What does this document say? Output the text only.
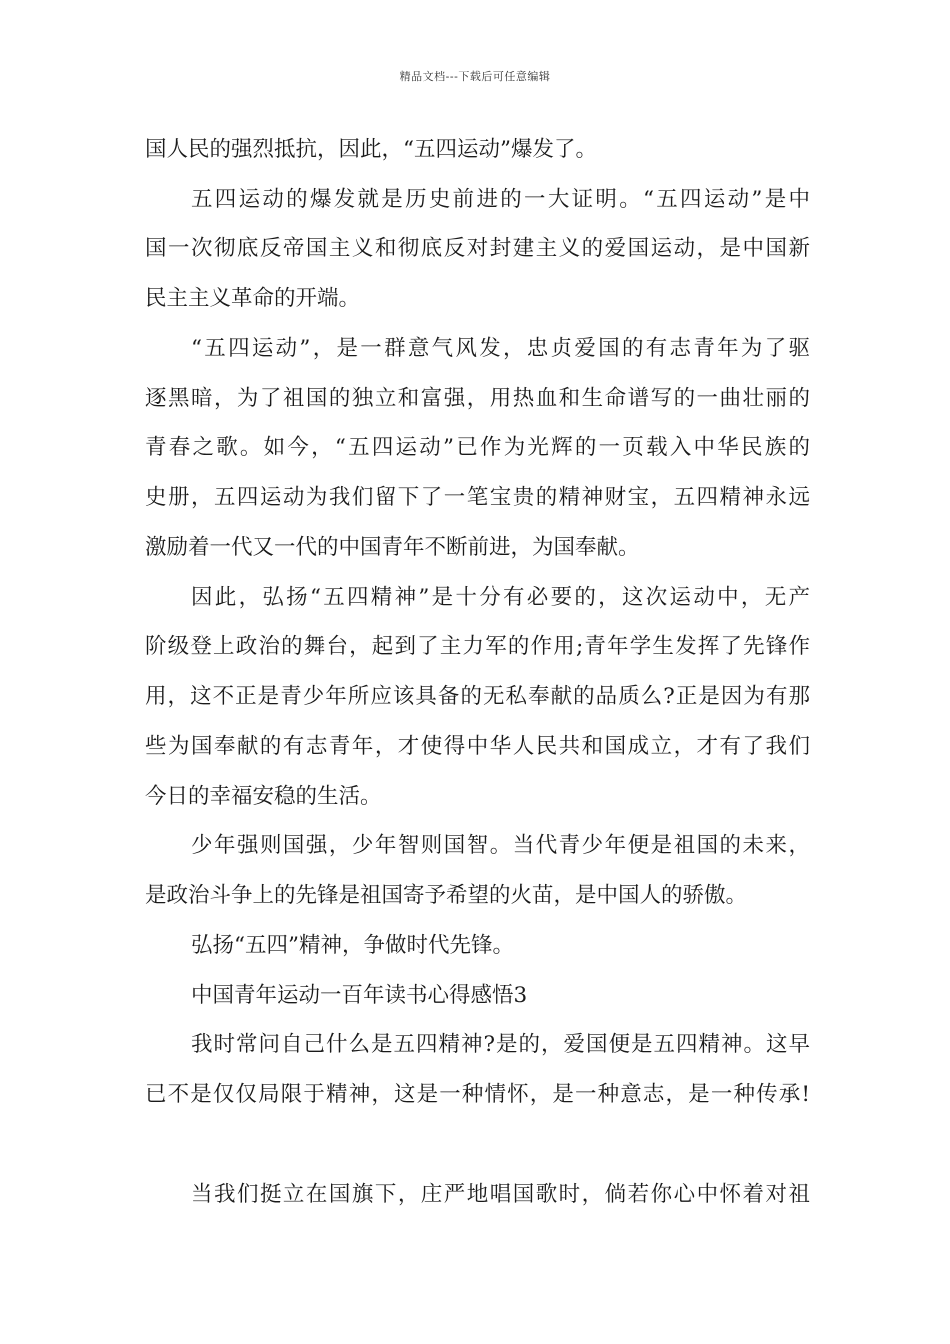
精品文档---下载后可任意编辑
国人民的强烈抵抗，因此，“五四运动”爆发了。
五四运动的爆发就是历史前进的一大证明。“五四运动”是中
国一次彻底反帝国主义和彻底反对封建主义的爱国运动，是中国新
民主主义革命的开端。
“五四运动”，是一群意气风发，忠贞爱国的有志青年为了驱
逐黑暗，为了祖国的独立和富强，用热血和生命谱写的一曲壮丽的
青春之歌。如今，“五四运动”已作为光辉的一页载入中华民族的
史册，五四运动为我们留下了一笔宝贵的精神财宝，五四精神永远
激励着一代又一代的中国青年不断前进，为国奉献。
因此，弘扬“五四精神”是十分有必要的，这次运动中，无产
阶级登上政治的舞台，起到了主力军的作用;青年学生发挥了先锋作
用，这不正是青少年所应该具备的无私奉献的品质么?正是因为有那
些为国奉献的有志青年，才使得中华人民共和国成立，才有了我们
今日的幸福安稳的生活。
少年强则国强，少年智则国智。当代青少年便是祖国的未来，
是政治斗争上的先锋是祖国寄予希望的火苗，是中国人的骄傲。
弘扬“五四”精神，争做时代先锋。
中国青年运动一百年读书心得感悟3
我时常问自己什么是五四精神?是的，爱国便是五四精神。这早
已不是仅仅局限于精神，这是一种情怀，是一种意志，是一种传承!
当我们挺立在国旗下，庄严地唱国歌时，倘若你心中怀着对祖
